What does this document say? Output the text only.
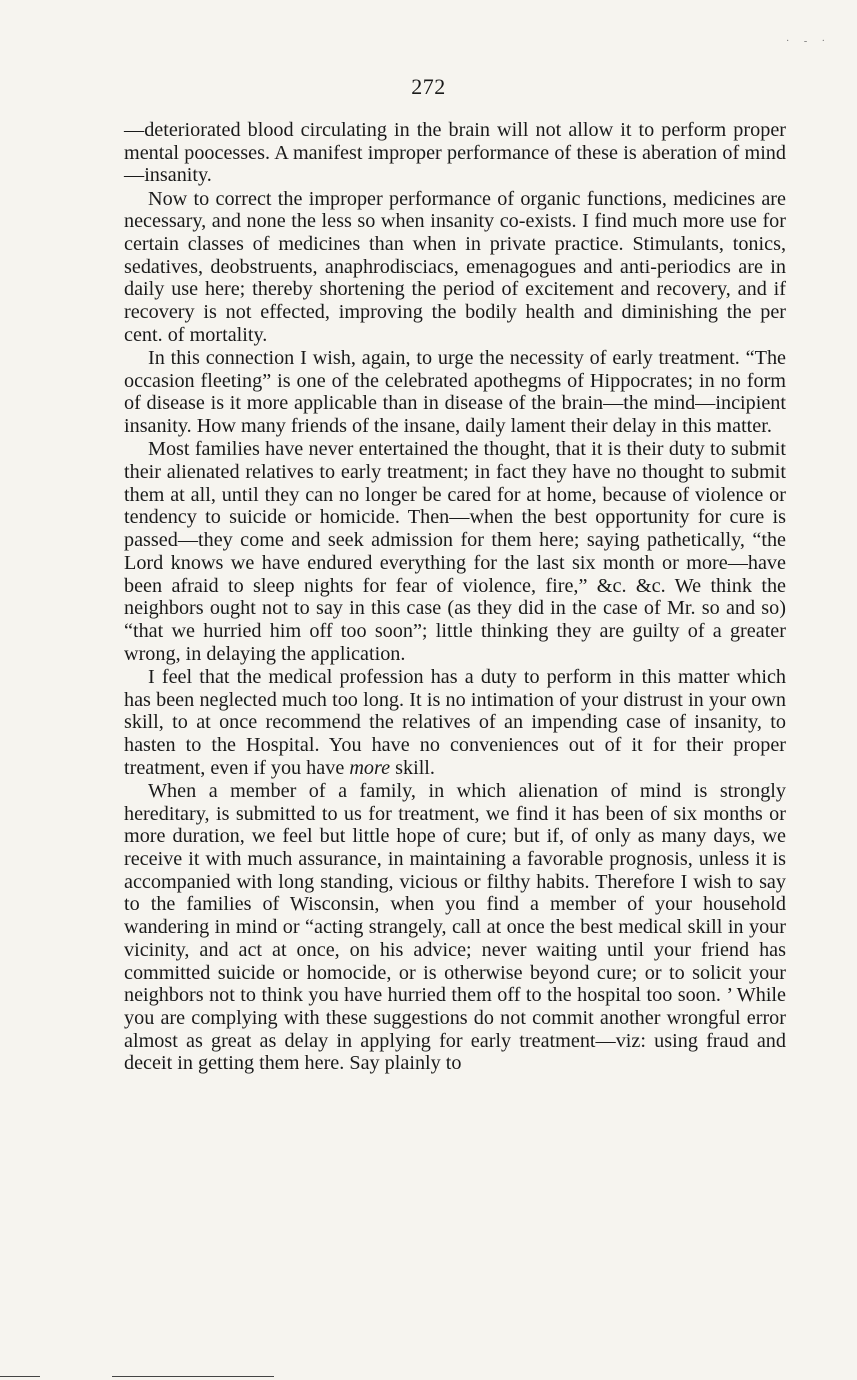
· ‐ ·
272

—deteriorated blood circulating in the brain will not allow it to perform proper mental poocesses. A manifest improper performance of these is aberation of mind—insanity.

Now to correct the improper performance of organic functions, medicines are necessary, and none the less so when insanity co-exists. I find much more use for certain classes of medicines than when in private practice. Stimulants, tonics, sedatives, deobstruents, anaphrodisciacs, emenagogues and anti-periodics are in daily use here; thereby shortening the period of excitement and recovery, and if recovery is not effected, improving the bodily health and diminishing the per cent. of mortality.

In this connection I wish, again, to urge the necessity of early treatment. “The occasion fleeting” is one of the celebrated apothegms of Hippocrates; in no form of disease is it more applicable than in disease of the brain—the mind—incipient insanity. How many friends of the insane, daily lament their delay in this matter.

Most families have never entertained the thought, that it is their duty to submit their alienated relatives to early treatment; in fact they have no thought to submit them at all, until they can no longer be cared for at home, because of violence or tendency to suicide or homicide. Then—when the best opportunity for cure is passed—they come and seek admission for them here; saying pathetically, “the Lord knows we have endured everything for the last six month or more—have been afraid to sleep nights for fear of violence, fire,” &c. &c. We think the neighbors ought not to say in this case (as they did in the case of Mr. so and so) “that we hurried him off too soon”; little thinking they are guilty of a greater wrong, in delaying the application.

I feel that the medical profession has a duty to perform in this matter which has been neglected much too long. It is no intimation of your distrust in your own skill, to at once recommend the relatives of an impending case of insanity, to hasten to the Hospital. You have no conveniences out of it for their proper treatment, even if you have more skill.

When a member of a family, in which alienation of mind is strongly hereditary, is submitted to us for treatment, we find it has been of six months or more duration, we feel but little hope of cure; but if, of only as many days, we receive it with much assurance, in maintaining a favorable prognosis, unless it is accompanied with long standing, vicious or filthy habits. Therefore I wish to say to the families of Wisconsin, when you find a member of your household wandering in mind or “acting strangely, call at once the best medical skill in your vicinity, and act at once, on his advice; never waiting until your friend has committed suicide or homocide, or is otherwise beyond cure; or to solicit your neighbors not to think you have hurried them off to the hospital too soon. ’ While you are complying with these suggestions do not commit another wrongful error almost as great as delay in applying for early treatment—viz: using fraud and deceit in getting them here. Say plainly to
